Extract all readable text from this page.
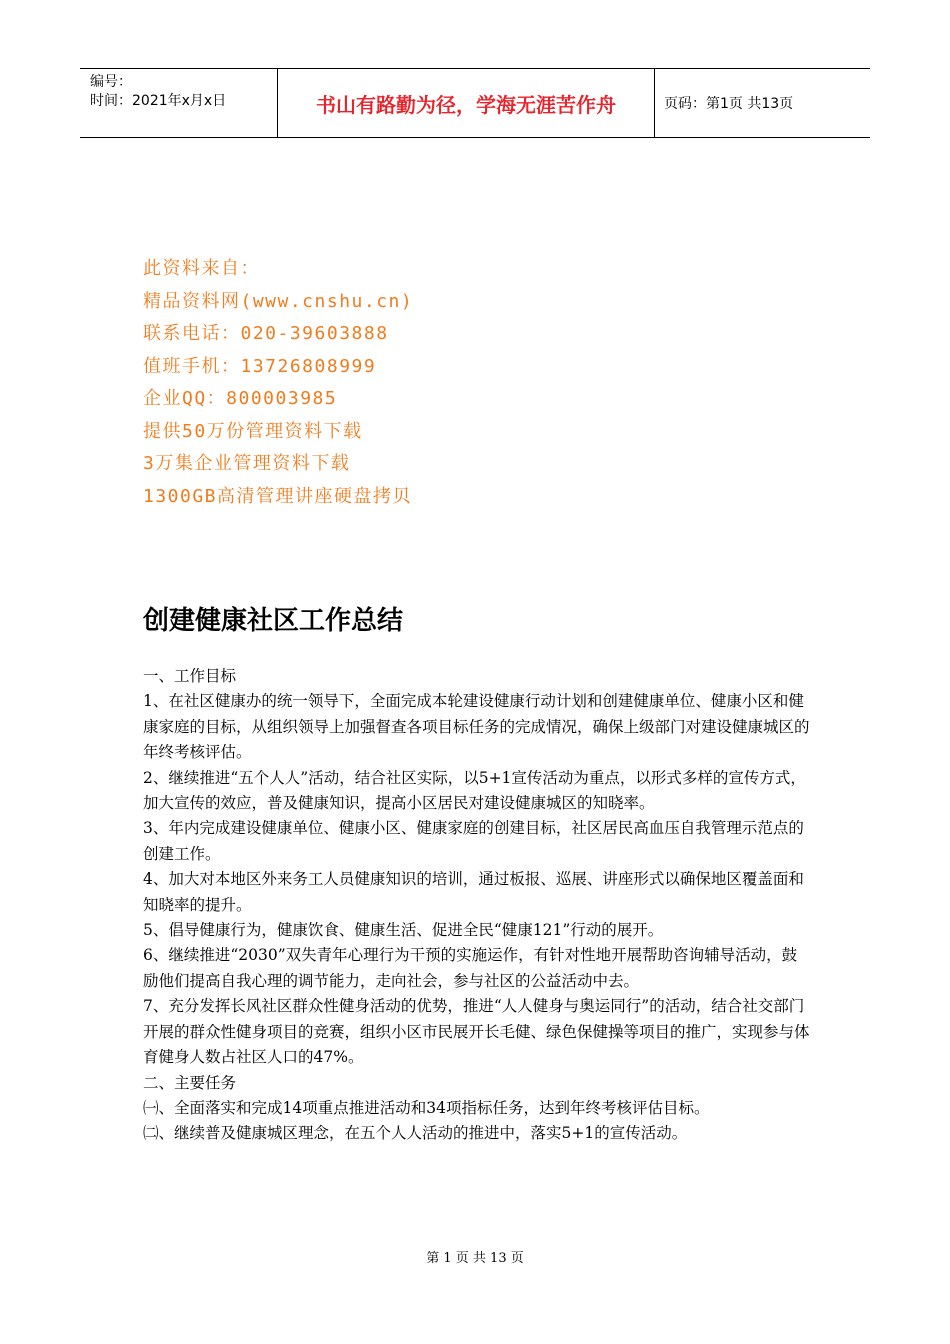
编号：
时间：2021年x月x日	书山有路勤为径，学海无涯苦作舟	页码：第1页 共13页
此资料来自：
精品资料网(www.cnshu.cn)
联系电话：020-39603888
值班手机：13726808999
企业QQ：800003985
提供50万份管理资料下载
3万集企业管理资料下载
1300GB高清管理讲座硬盘拷贝
创建健康社区工作总结

一、工作目标

1、在社区健康办的统一领导下，全面完成本轮建设健康行动计划和创建健康单位、健康小区和健康家庭的目标，从组织领导上加强督查各项目标任务的完成情况，确保上级部门对建设健康城区的年终考核评估。

2、继续推进“五个人人”活动，结合社区实际，以5+1宣传活动为重点，以形式多样的宣传方式，加大宣传的效应，普及健康知识，提高小区居民对建设健康城区的知晓率。

3、年内完成建设健康单位、健康小区、健康家庭的创建目标，社区居民高血压自我管理示范点的创建工作。

4、加大对本地区外来务工人员健康知识的培训，通过板报、巡展、讲座形式以确保地区覆盖面和知晓率的提升。

5、倡导健康行为，健康饮食、健康生活、促进全民“健康121”行动的展开。

6、继续推进“2030”双失青年心理行为干预的实施运作，有针对性地开展帮助咨询辅导活动，鼓励他们提高自我心理的调节能力，走向社会，参与社区的公益活动中去。

7、充分发挥长风社区群众性健身活动的优势，推进“人人健身与奥运同行”的活动，结合社交部门开展的群众性健身项目的竞赛，组织小区市民展开长毛健、绿色保健操等项目的推广，实现参与体育健身人数占社区人口的47%。

二、主要任务

㈠、全面落实和完成14项重点推进活动和34项指标任务，达到年终考核评估目标。

㈡、继续普及健康城区理念，在五个人人活动的推进中，落实5+1的宣传活动。

第 1 页 共 13 页
